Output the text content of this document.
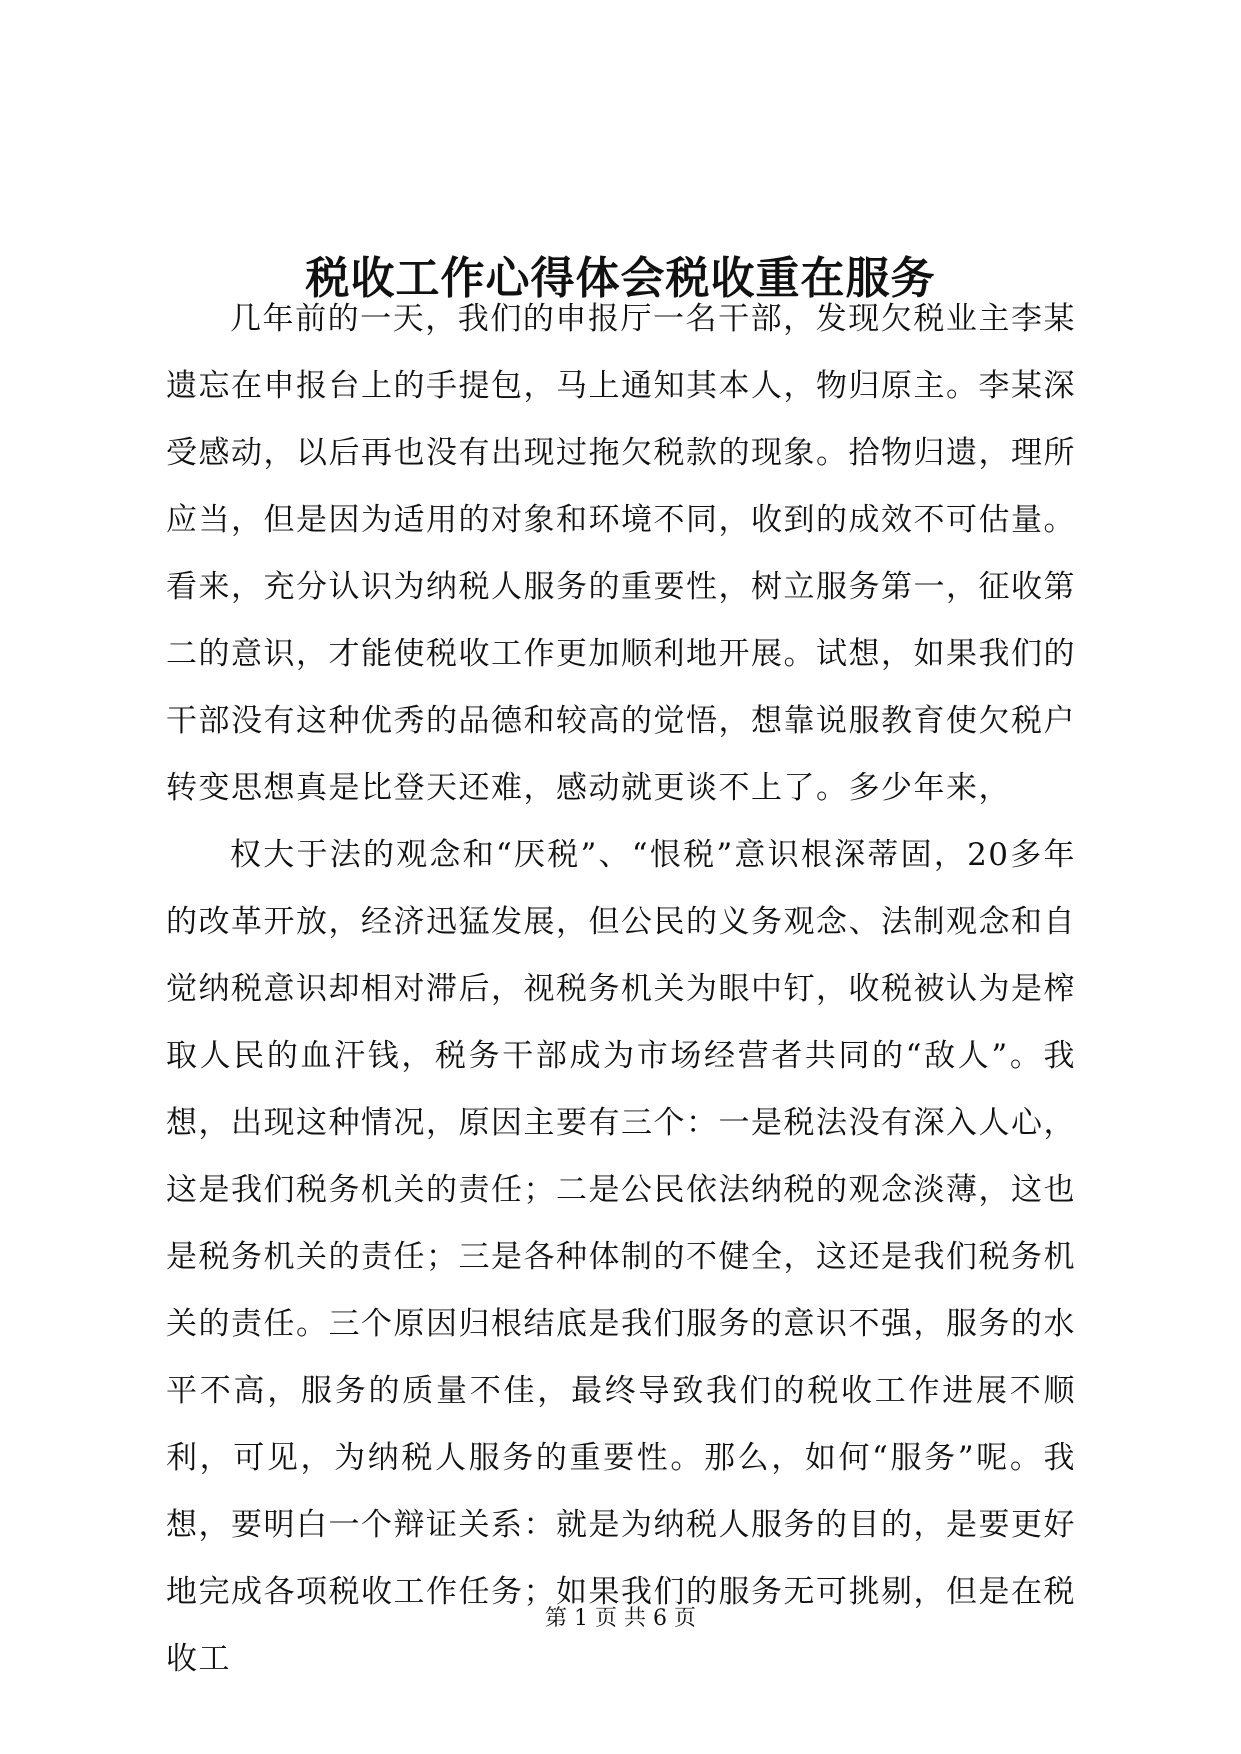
税收工作心得体会税收重在服务

几年前的一天，我们的申报厅一名干部，发现欠税业主李某遗忘在申报台上的手提包，马上通知其本人，物归原主。李某深受感动，以后再也没有出现过拖欠税款的现象。拾物归遗，理所应当，但是因为适用的对象和环境不同，收到的成效不可估量。看来，充分认识为纳税人服务的重要性，树立服务第一，征收第二的意识，才能使税收工作更加顺利地开展。试想，如果我们的干部没有这种优秀的品德和较高的觉悟，想靠说服教育使欠税户转变思想真是比登天还难，感动就更谈不上了。多少年来，

权大于法的观念和“厌税”、“恨税”意识根深蒂固，20多年的改革开放，经济迅猛发展，但公民的义务观念、法制观念和自觉纳税意识却相对滞后，视税务机关为眼中钉，收税被认为是榨取人民的血汗钱，税务干部成为市场经营者共同的“敌人”。我想，出现这种情况，原因主要有三个：一是税法没有深入人心，这是我们税务机关的责任；二是公民依法纳税的观念淡薄，这也是税务机关的责任；三是各种体制的不健全，这还是我们税务机关的责任。三个原因归根结底是我们服务的意识不强，服务的水平不高，服务的质量不佳，最终导致我们的税收工作进展不顺利，可见，为纳税人服务的重要性。那么，如何“服务”呢。我想，要明白一个辩证关系：就是为纳税人服务的目的，是要更好地完成各项税收工作任务；如果我们的服务无可挑剔，但是在税收工

第 1 页 共 6 页
